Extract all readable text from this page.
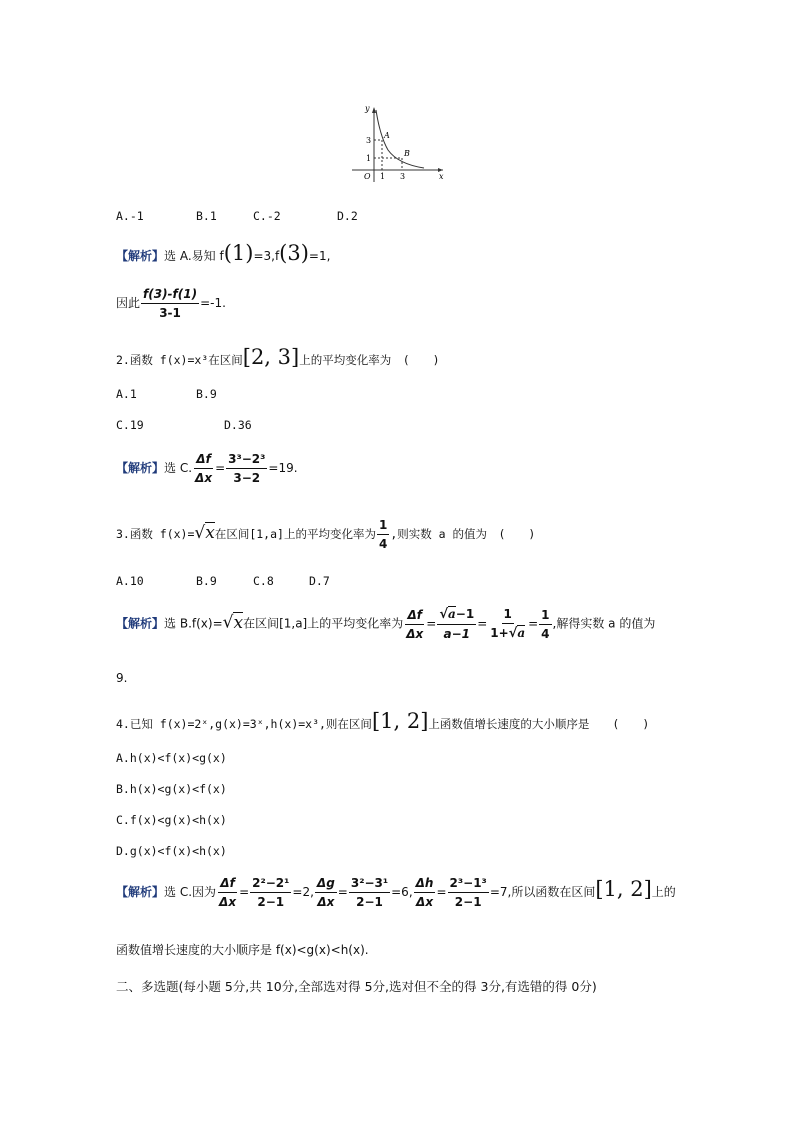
y
x
O
3
1
1 3
A
B
A.-1	B.1	C.-2	D.2
【解析】选 A.易知 f(1)=3,f(3)=1,
因此 $\frac{f(3)-f(1)}{3-1} =-1$.
2.函数 f(x)=x³在区间[2, 3]上的平均变化率为　(　　)
A.1	B.9
C.19	D.36
【解析】选 C. $\frac{\Delta f}{\Delta x} = \frac{\text{3³−2³}}{3-2} =19$.
3.函数 f(x)=√x在区间[1,a]上的平均变化率为 $\frac{1}{4}$ ,则实数 a 的值为　(　　)
A.10	B.9	C.8	D.7
【解析】选 B.f(x)=√x在区间[1,a]上的平均变化率为 $\frac{\Delta f}{\Delta x} = \frac{√a-1}{a-1} = \frac{1}{1+√a} = \frac{1}{4}$ ,解得实数 a 的值为
9.
4.已知 f(x)=2ˣ,g(x)=3ˣ,h(x)=x³,则在区间[1, 2]上函数值增长速度的大小顺序是　　(　　)
A.h(x)<f(x)<g(x)
B.h(x)<g(x)<f(x)
C.f(x)<g(x)<h(x)
D.g(x)<f(x)<h(x)
【解析】选 C.因为 $\frac{\Delta f}{\Delta x} = \frac{\text{2²−2¹}}{2-1} =2$, $\frac{\Delta g}{\Delta x} = \frac{\text{3²−3¹}}{2-1} =6$, $\frac{\Delta h}{\Delta x} = \frac{\text{2³−1³}}{2-1} =7$,所以函数在区间[1, 2]上的
函数值增长速度的大小顺序是 f(x)<g(x)<h(x).
二、多选题(每小题 5分,共 10分,全部选对得 5分,选对但不全的得 3分,有选错的得 0分)
